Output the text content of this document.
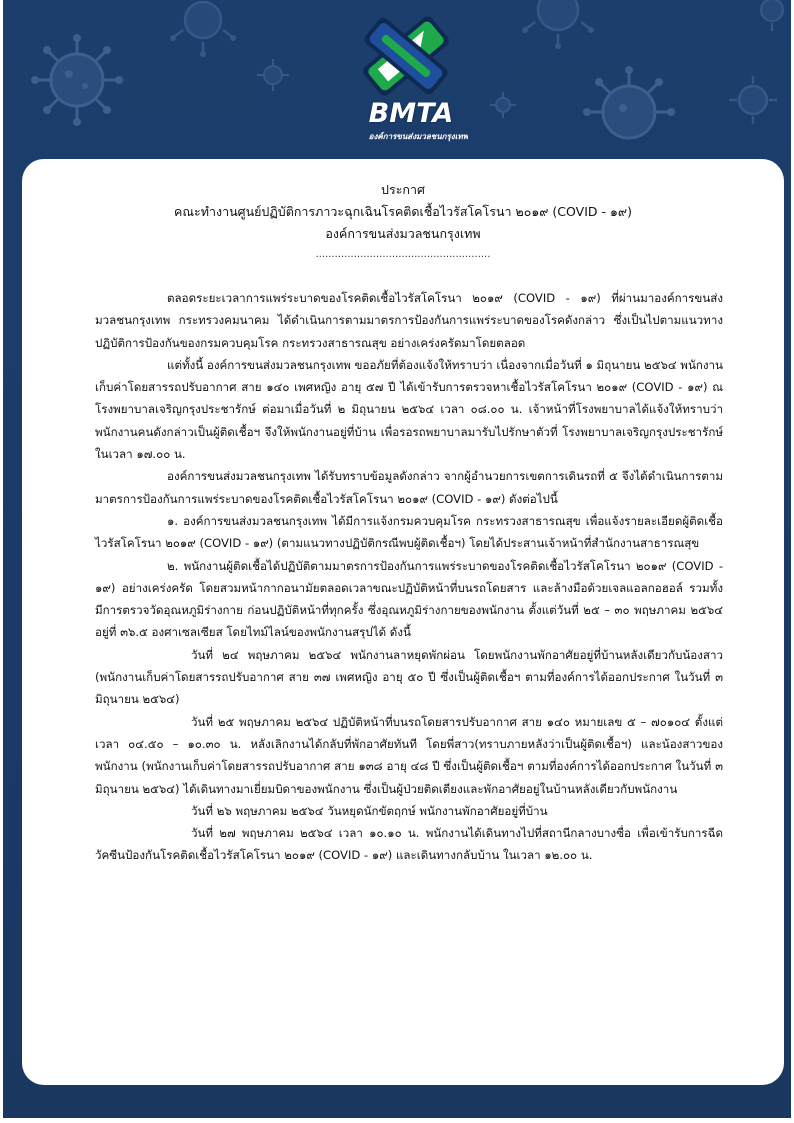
BMTA
องค์การขนส่งมวลชนกรุงเทพ
ประกาศ
คณะทำงานศูนย์ปฏิบัติการภาวะฉุกเฉินโรคติดเชื้อไวรัสโคโรนา ๒๐๑๙ (COVID - ๑๙)
องค์การขนส่งมวลชนกรุงเทพ
.......................................................

ตลอดระยะเวลาการแพร่ระบาดของโรคติดเชื้อไวรัสโคโรนา ๒๐๑๙ (COVID - ๑๙) ที่ผ่านมาองค์การขนส่งมวลชนกรุงเทพ กระทรวงคมนาคม ได้ดำเนินการตามมาตรการป้องกันการแพร่ระบาดของโรคดังกล่าว ซึ่งเป็นไปตามแนวทางปฏิบัติการป้องกันของกรมควบคุมโรค กระทรวงสาธารณสุข อย่างเคร่งครัดมาโดยตลอด

แต่ทั้งนี้ องค์การขนส่งมวลชนกรุงเทพ ขออภัยที่ต้องแจ้งให้ทราบว่า เนื่องจากเมื่อวันที่ ๑ มิถุนายน ๒๕๖๔ พนักงานเก็บค่าโดยสารรถปรับอากาศ สาย ๑๔๐ เพศหญิง อายุ ๕๗ ปี ได้เข้ารับการตรวจหาเชื้อไวรัสโคโรนา ๒๐๑๙ (COVID - ๑๙) ณ โรงพยาบาลเจริญกรุงประชารักษ์ ต่อมาเมื่อวันที่ ๒ มิถุนายน ๒๕๖๔ เวลา ๐๘.๐๐ น. เจ้าหน้าที่โรงพยาบาลได้แจ้งให้ทราบว่า พนักงานคนดังกล่าวเป็นผู้ติดเชื้อฯ จึงให้พนักงานอยู่ที่บ้าน เพื่อรอรถพยาบาลมารับไปรักษาตัวที่ โรงพยาบาลเจริญกรุงประชารักษ์ ในเวลา ๑๗.๐๐ น.

องค์การขนส่งมวลชนกรุงเทพ ได้รับทราบข้อมูลดังกล่าว จากผู้อำนวยการเขตการเดินรถที่ ๕ จึงได้ดำเนินการตามมาตรการป้องกันการแพร่ระบาดของโรคติดเชื้อไวรัสโคโรนา ๒๐๑๙ (COVID - ๑๙) ดังต่อไปนี้

๑. องค์การขนส่งมวลชนกรุงเทพ ได้มีการแจ้งกรมควบคุมโรค กระทรวงสาธารณสุข เพื่อแจ้งรายละเอียดผู้ติดเชื้อไวรัสโคโรนา ๒๐๑๙ (COVID - ๑๙) (ตามแนวทางปฏิบัติกรณีพบผู้ติดเชื้อฯ) โดยได้ประสานเจ้าหน้าที่สำนักงานสาธารณสุข

๒. พนักงานผู้ติดเชื้อได้ปฏิบัติตามมาตรการป้องกันการแพร่ระบาดของโรคติดเชื้อไวรัสโคโรนา ๒๐๑๙ (COVID - ๑๙) อย่างเคร่งครัด โดยสวมหน้ากากอนามัยตลอดเวลาขณะปฏิบัติหน้าที่บนรถโดยสาร และล้างมือด้วยเจลแอลกอฮอล์ รวมทั้ง มีการตรวจวัดอุณหภูมิร่างกาย ก่อนปฏิบัติหน้าที่ทุกครั้ง ซึ่งอุณหภูมิร่างกายของพนักงาน ตั้งแต่วันที่ ๒๕ – ๓๐ พฤษภาคม ๒๕๖๔ อยู่ที่ ๓๖.๕ องศาเซลเซียส โดยไทม์ไลน์ของพนักงานสรุปได้ ดังนี้

วันที่ ๒๔ พฤษภาคม ๒๕๖๔ พนักงานลาหยุดพักผ่อน โดยพนักงานพักอาศัยอยู่ที่บ้านหลังเดียวกับน้องสาว (พนักงานเก็บค่าโดยสารรถปรับอากาศ สาย ๓๗ เพศหญิง อายุ ๕๐ ปี ซึ่งเป็นผู้ติดเชื้อฯ ตามที่องค์การได้ออกประกาศ ในวันที่ ๓ มิถุนายน ๒๕๖๔)

วันที่ ๒๕ พฤษภาคม ๒๕๖๔ ปฏิบัติหน้าที่บนรถโดยสารปรับอากาศ สาย ๑๔๐ หมายเลข ๕ – ๗๐๑๐๔ ตั้งแต่เวลา ๐๔.๕๐ – ๑๐.๓๐ น. หลังเลิกงานได้กลับที่พักอาศัยทันที โดยพี่สาว(ทราบภายหลังว่าเป็นผู้ติดเชื้อฯ) และน้องสาวของพนักงาน (พนักงานเก็บค่าโดยสารรถปรับอากาศ สาย ๑๓๘ อายุ ๔๘ ปี ซึ่งเป็นผู้ติดเชื้อฯ ตามที่องค์การได้ออกประกาศ ในวันที่ ๓ มิถุนายน ๒๕๖๔) ได้เดินทางมาเยี่ยมบิดาของพนักงาน ซึ่งเป็นผู้ป่วยติดเตียงและพักอาศัยอยู่ในบ้านหลังเดียวกับพนักงาน

วันที่ ๒๖ พฤษภาคม ๒๕๖๔ วันหยุดนักขัตฤกษ์ พนักงานพักอาศัยอยู่ที่บ้าน

วันที่ ๒๗ พฤษภาคม ๒๕๖๔ เวลา ๑๐.๑๐ น. พนักงานได้เดินทางไปที่สถานีกลางบางซื่อ เพื่อเข้ารับการฉีดวัคซีนป้องกันโรคติดเชื้อไวรัสโคโรนา ๒๐๑๙ (COVID - ๑๙) และเดินทางกลับบ้าน ในเวลา ๑๒.๐๐ น.
